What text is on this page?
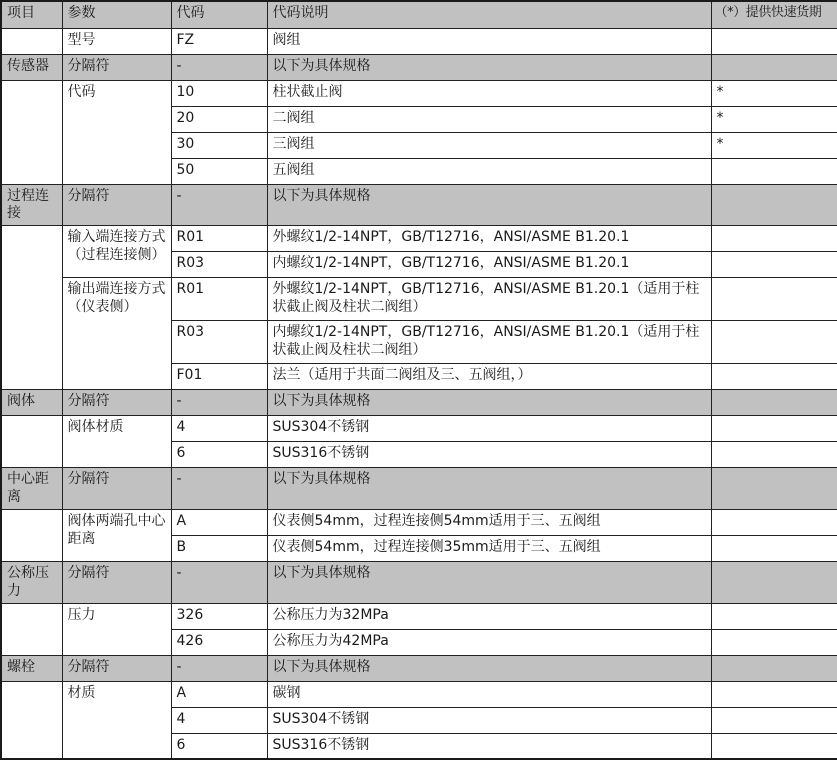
项目	参数	代码	代码说明	（*）提供快速货期
	型号	FZ	阀组	
传感器	分隔符	-	以下为具体规格	
	代码	10	柱状截止阀	*
		20	二阀组	*
		30	三阀组	*
		50	五阀组	
过程连接	分隔符	-	以下为具体规格	
	输入端连接方式（过程连接侧）	R01	外螺纹1/2-14NPT，GB/T12716，ANSI/ASME B1.20.1	
		R03	内螺纹1/2-14NPT，GB/T12716，ANSI/ASME B1.20.1	
	输出端连接方式（仪表侧）	R01	外螺纹1/2-14NPT，GB/T12716，ANSI/ASME B1.20.1（适用于柱状截止阀及柱状二阀组）	
		R03	内螺纹1/2-14NPT，GB/T12716，ANSI/ASME B1.20.1（适用于柱状截止阀及柱状二阀组）	
		F01	法兰（适用于共面二阀组及三、五阀组，）	
阀体	分隔符	-	以下为具体规格	
	阀体材质	4	SUS304不锈钢	
		6	SUS316不锈钢	
中心距离	分隔符	-	以下为具体规格	
	阀体两端孔中心距离	A	仪表侧54mm，过程连接侧54mm适用于三、五阀组	
		B	仪表侧54mm，过程连接侧35mm适用于三、五阀组	
公称压力	分隔符	-	以下为具体规格	
	压力	326	公称压力为32MPa	
		426	公称压力为42MPa	
螺栓	分隔符	-	以下为具体规格	
	材质	A	碳钢	
		4	SUS304不锈钢	
		6	SUS316不锈钢	
